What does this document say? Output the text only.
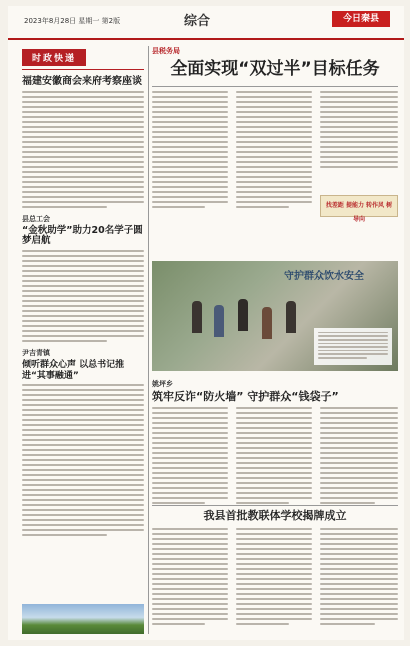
2023年8月28日 星期一 第2版	综合	今日秦县
时政快递
福建安徽商会来府考察座谈
县总工会
“金秋助学”助力20名学子圆梦启航
尹吉青镇
倾听群众心声 以总书记推进“其事融通”
县税务局
全面实现“双过半”目标任务
找差距 提能力 转作风 树导向
守护群众饮水安全
姚坪乡
筑牢反诈“防火墙” 守护群众“钱袋子”
我县首批教联体学校揭牌成立
